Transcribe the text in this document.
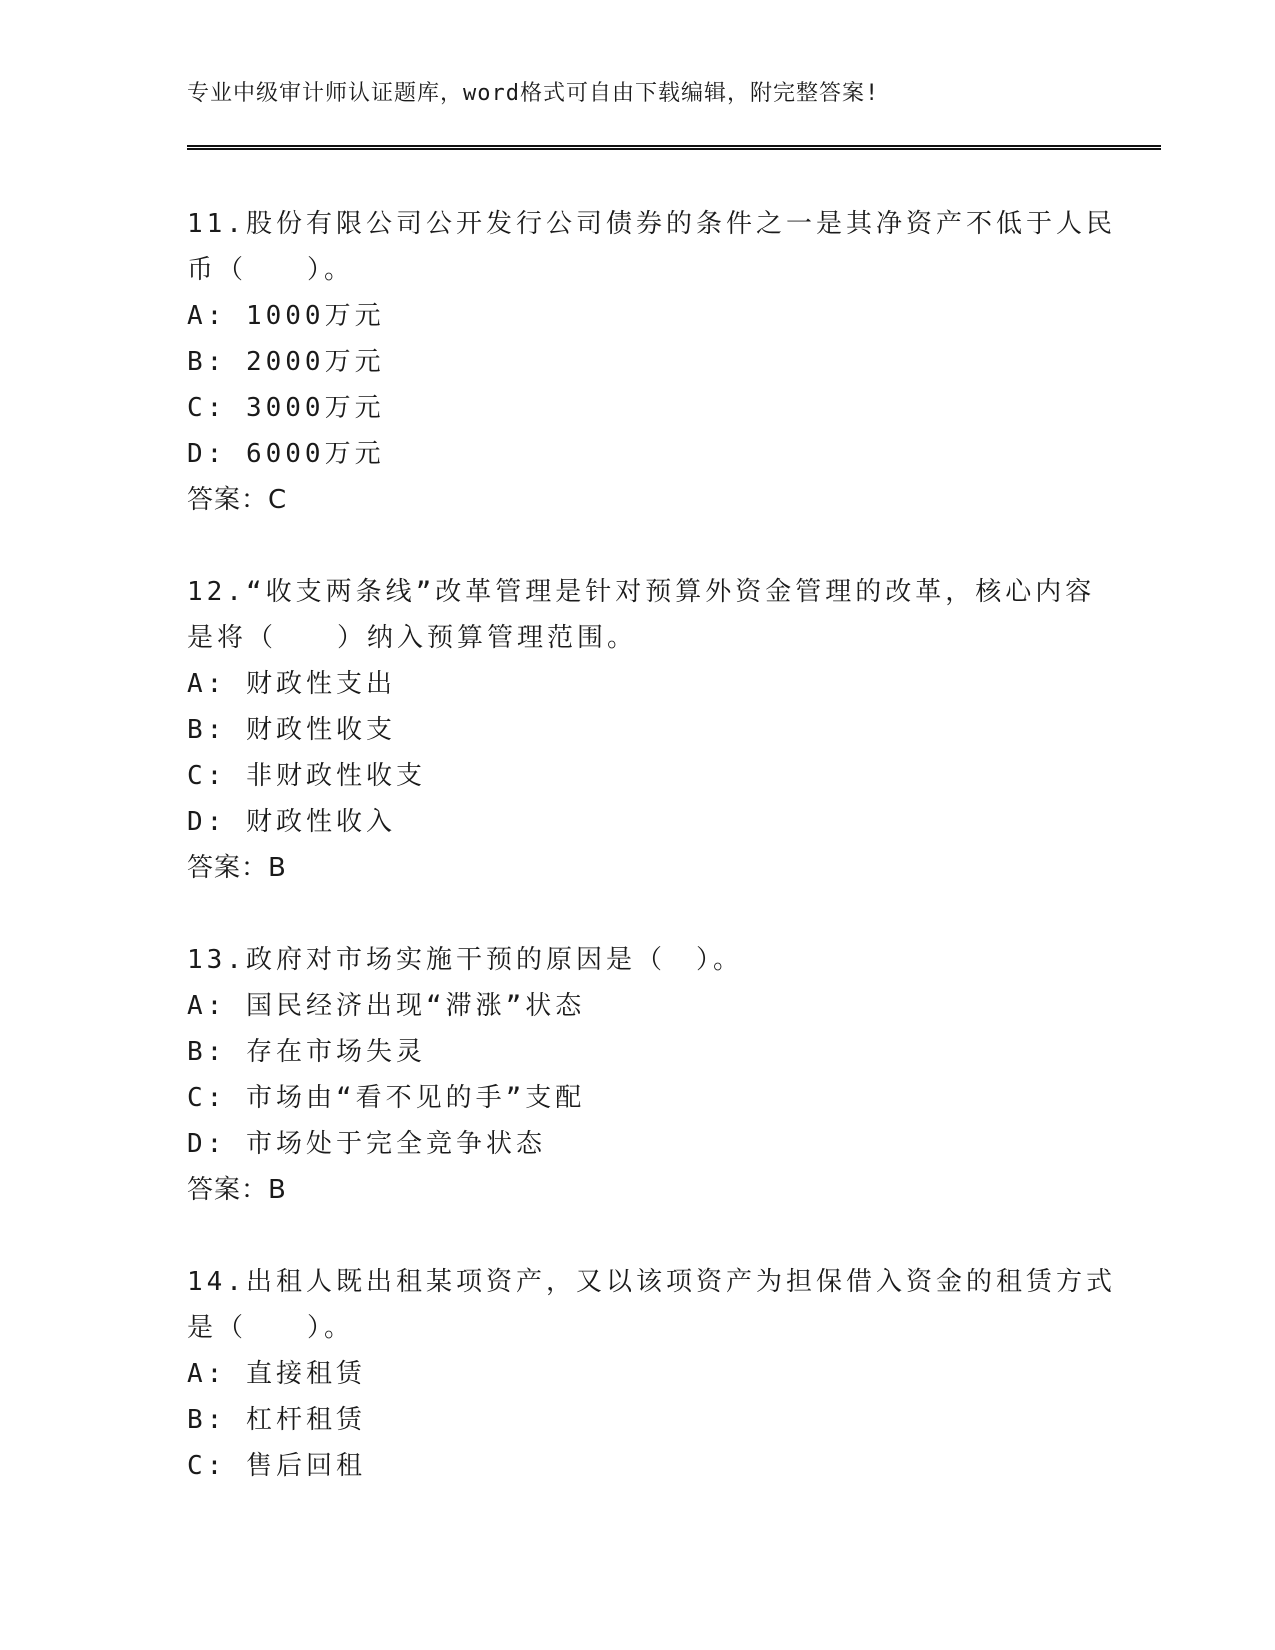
专业中级审计师认证题库，word格式可自由下载编辑，附完整答案!
11.股份有限公司公开发行公司债券的条件之一是其净资产不低于人民
币（　　）。
A: 1000万元
B: 2000万元
C: 3000万元
D: 6000万元
答案：C
12.“收支两条线”改革管理是针对预算外资金管理的改革，核心内容
是将（　　）纳入预算管理范围。
A: 财政性支出
B: 财政性收支
C: 非财政性收支
D: 财政性收入
答案：B
13.政府对市场实施干预的原因是（　）。
A: 国民经济出现“滞涨”状态
B: 存在市场失灵
C: 市场由“看不见的手”支配
D: 市场处于完全竞争状态
答案：B
14.出租人既出租某项资产，又以该项资产为担保借入资金的租赁方式
是（　　）。
A: 直接租赁
B: 杠杆租赁
C: 售后回租
